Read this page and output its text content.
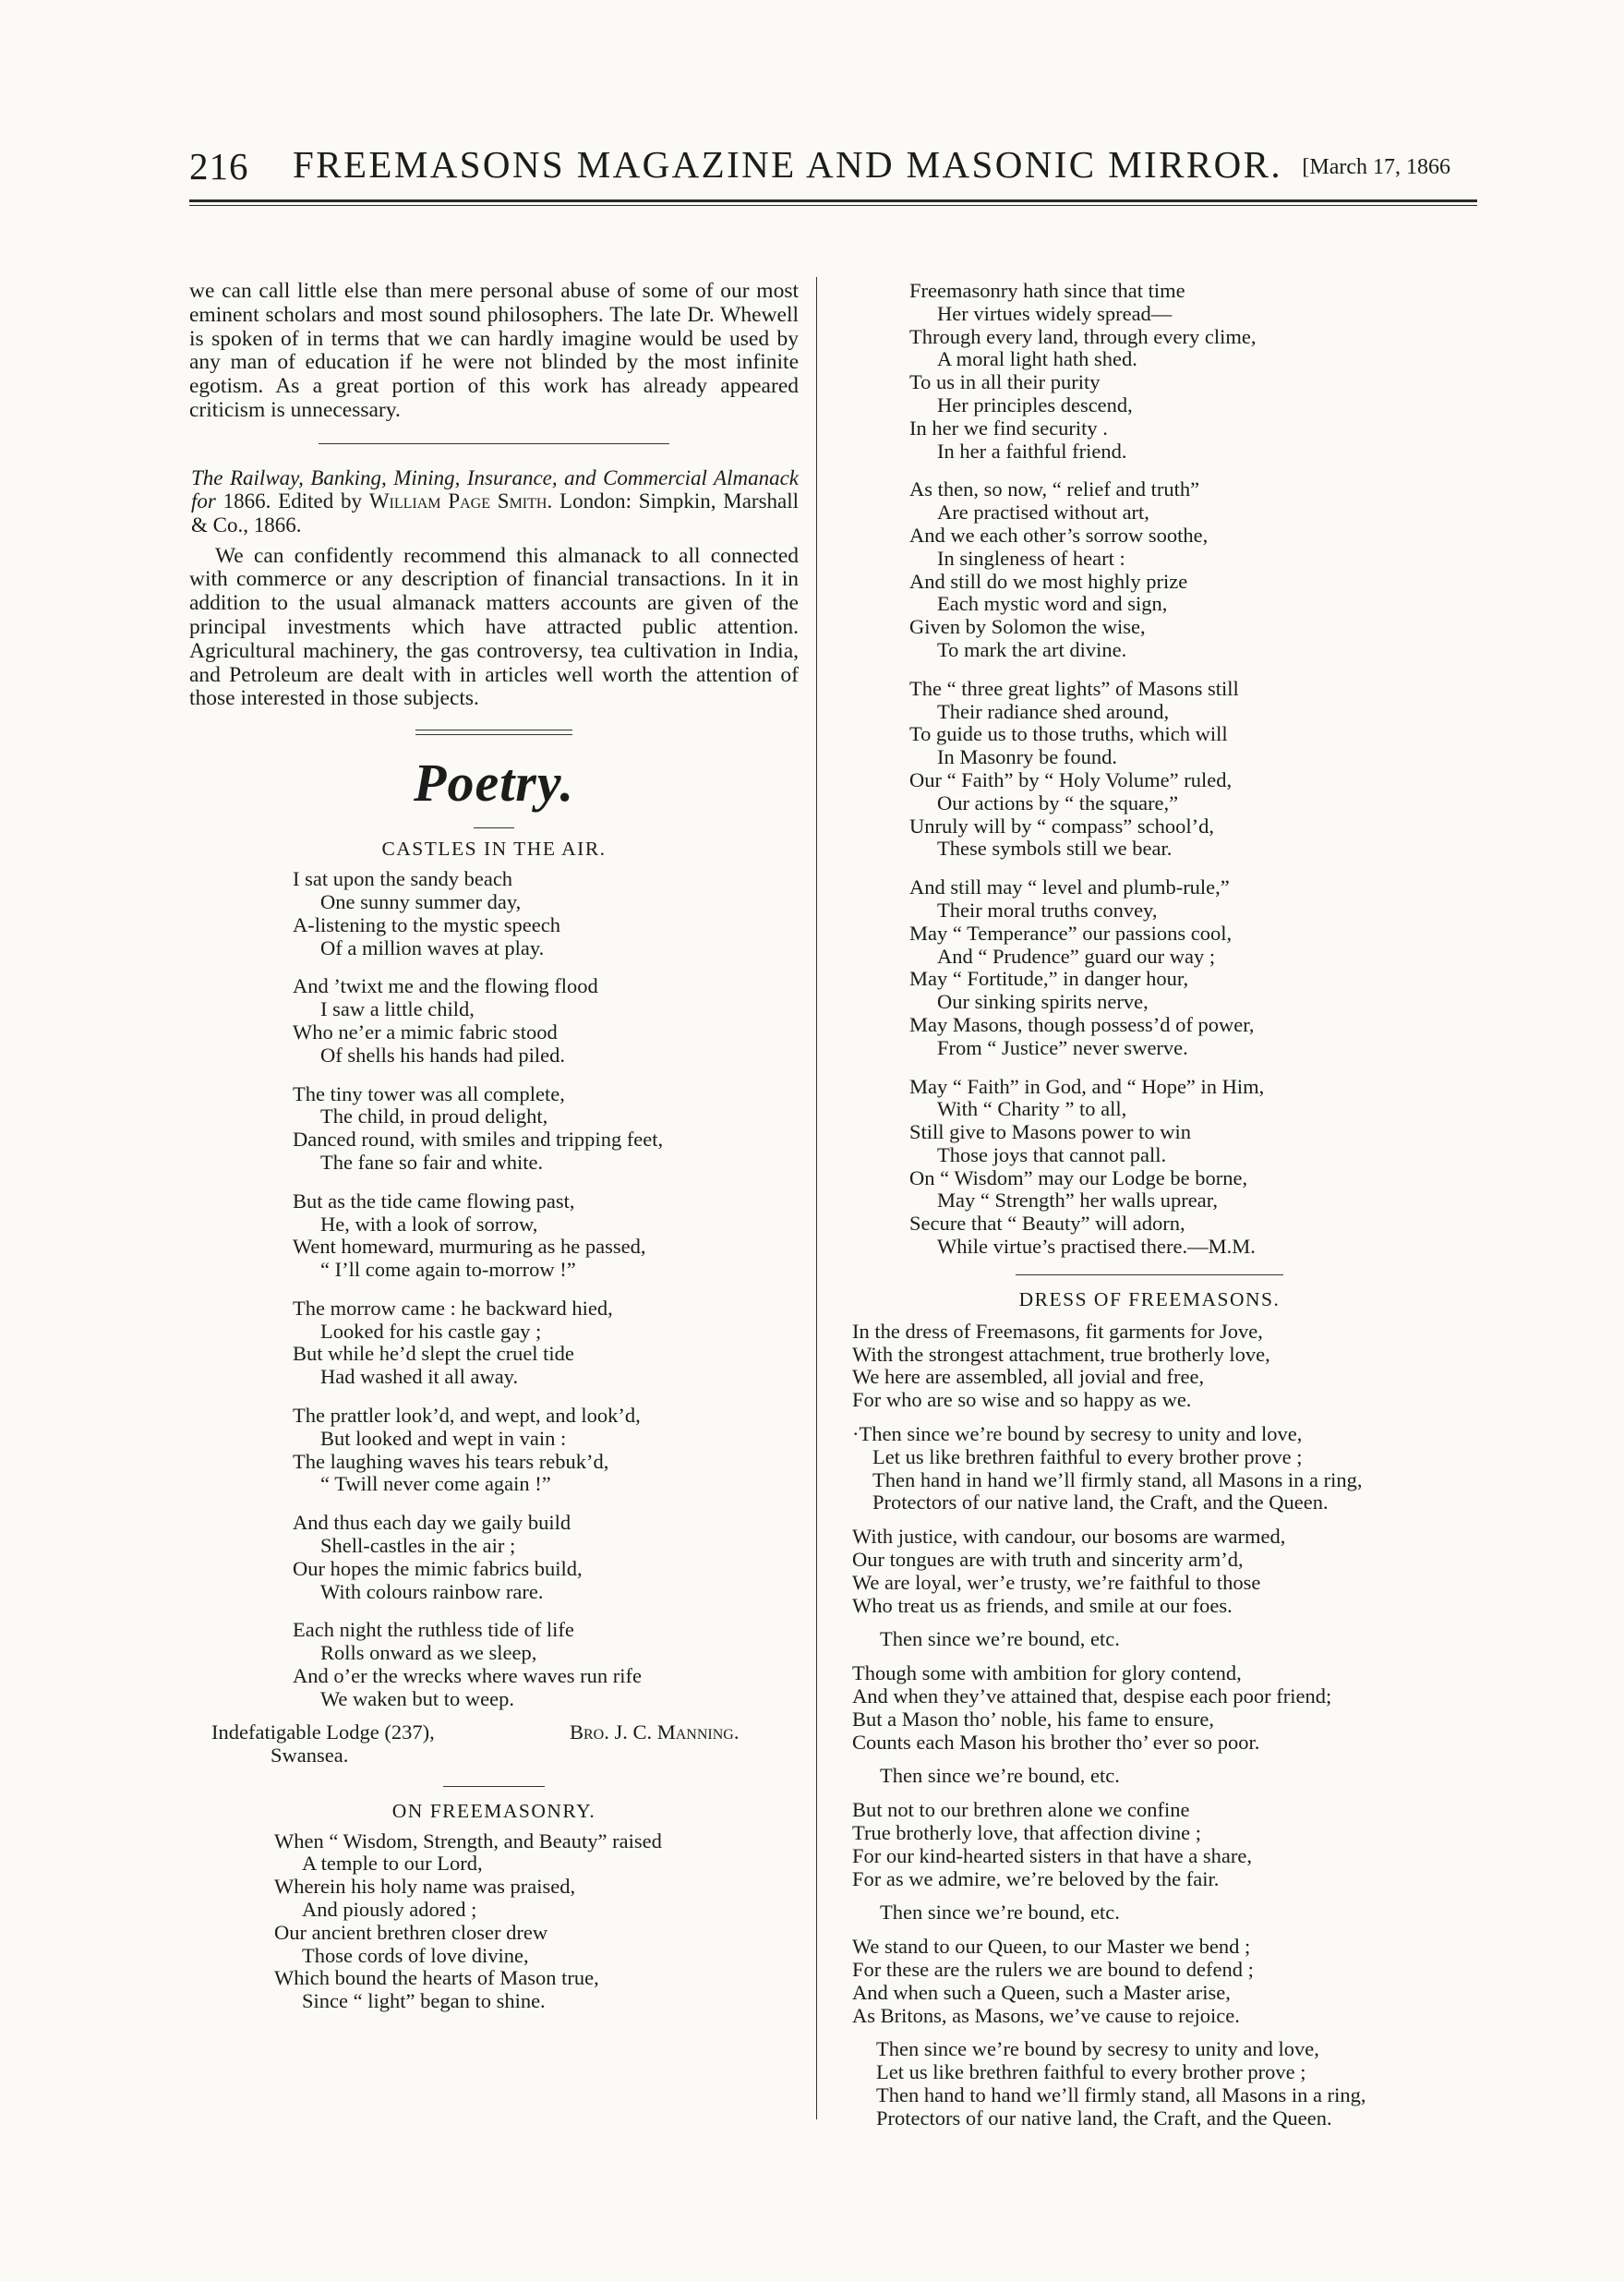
216 FREEMASONS MAGAZINE AND MASONIC MIRROR. [March 17, 1866

we can call little else than mere personal abuse of some of our most eminent scholars and most sound philosophers. The late Dr. Whewell is spoken of in terms that we can hardly imagine would be used by any man of education if he were not blinded by the most infinite egotism. As a great portion of this work has already appeared criticism is unnecessary.

The Railway, Banking, Mining, Insurance, and Commercial Almanack for 1866. Edited by William Page Smith. London: Simpkin, Marshall & Co., 1866.

We can confidently recommend this almanack to all connected with commerce or any description of financial transactions. In it in addition to the usual almanack matters accounts are given of the principal investments which have attracted public attention. Agricultural machinery, the gas controversy, tea cultivation in India, and Petroleum are dealt with in articles well worth the attention of those interested in those subjects.

Poetry.
CASTLES IN THE AIR.
I sat upon the sandy beach
One sunny summer day,
A-listening to the mystic speech
Of a million waves at play.
And ’twixt me and the flowing flood
I saw a little child,
Who ne’er a mimic fabric stood
Of shells his hands had piled.
The tiny tower was all complete,
The child, in proud delight,
Danced round, with smiles and tripping feet,
The fane so fair and white.
But as the tide came flowing past,
He, with a look of sorrow,
Went homeward, murmuring as he passed,
“ I’ll come again to-morrow !”
The morrow came : he backward hied,
Looked for his castle gay ;
But while he’d slept the cruel tide
Had washed it all away.
The prattler look’d, and wept, and look’d,
But looked and wept in vain :
The laughing waves his tears rebuk’d,
“ Twill never come again !”
And thus each day we gaily build
Shell-castles in the air ;
Our hopes the mimic fabrics build,
With colours rainbow rare.
Each night the ruthless tide of life
Rolls onward as we sleep,
And o’er the wrecks where waves run rife
We waken but to weep.
Indefatigable Lodge (237),
Swansea.
Bro. J. C. Manning.
ON FREEMASONRY.
When “ Wisdom, Strength, and Beauty” raised
A temple to our Lord,
Wherein his holy name was praised,
And piously adored ;
Our ancient brethren closer drew
Those cords of love divine,
Which bound the hearts of Mason true,
Since “ light” began to shine.
Freemasonry hath since that time
Her virtues widely spread—
Through every land, through every clime,
A moral light hath shed.
To us in all their purity
Her principles descend,
In her we find security .
In her a faithful friend.
As then, so now, “ relief and truth”
Are practised without art,
And we each other’s sorrow soothe,
In singleness of heart :
And still do we most highly prize
Each mystic word and sign,
Given by Solomon the wise,
To mark the art divine.
The “ three great lights” of Masons still
Their radiance shed around,
To guide us to those truths, which will
In Masonry be found.
Our “ Faith” by “ Holy Volume” ruled,
Our actions by “ the square,”
Unruly will by “ compass” school’d,
These symbols still we bear.
And still may “ level and plumb-rule,”
Their moral truths convey,
May “ Temperance” our passions cool,
And “ Prudence” guard our way ;
May “ Fortitude,” in danger hour,
Our sinking spirits nerve,
May Masons, though possess’d of power,
From “ Justice” never swerve.
May “ Faith” in God, and “ Hope” in Him,
With “ Charity ” to all,
Still give to Masons power to win
Those joys that cannot pall.
On “ Wisdom” may our Lodge be borne,
May “ Strength” her walls uprear,
Secure that “ Beauty” will adorn,
While virtue’s practised there.—M.M.
DRESS OF FREEMASONS.
In the dress of Freemasons, fit garments for Jove,
With the strongest attachment, true brotherly love,
We here are assembled, all jovial and free,
For who are so wise and so happy as we.
·Then since we’re bound by secresy to unity and love,
Let us like brethren faithful to every brother prove ;
Then hand in hand we’ll firmly stand, all Masons in a ring,
Protectors of our native land, the Craft, and the Queen.
With justice, with candour, our bosoms are warmed,
Our tongues are with truth and sincerity arm’d,
We are loyal, wer’e trusty, we’re faithful to those
Who treat us as friends, and smile at our foes.
Then since we’re bound, etc.
Though some with ambition for glory contend,
And when they’ve attained that, despise each poor friend;
But a Mason tho’ noble, his fame to ensure,
Counts each Mason his brother tho’ ever so poor.
Then since we’re bound, etc.
But not to our brethren alone we confine
True brotherly love, that affection divine ;
For our kind-hearted sisters in that have a share,
For as we admire, we’re beloved by the fair.
Then since we’re bound, etc.
We stand to our Queen, to our Master we bend ;
For these are the rulers we are bound to defend ;
And when such a Queen, such a Master arise,
As Britons, as Masons, we’ve cause to rejoice.
Then since we’re bound by secresy to unity and love,
Let us like brethren faithful to every brother prove ;
Then hand to hand we’ll firmly stand, all Masons in a ring,
Protectors of our native land, the Craft, and the Queen.
